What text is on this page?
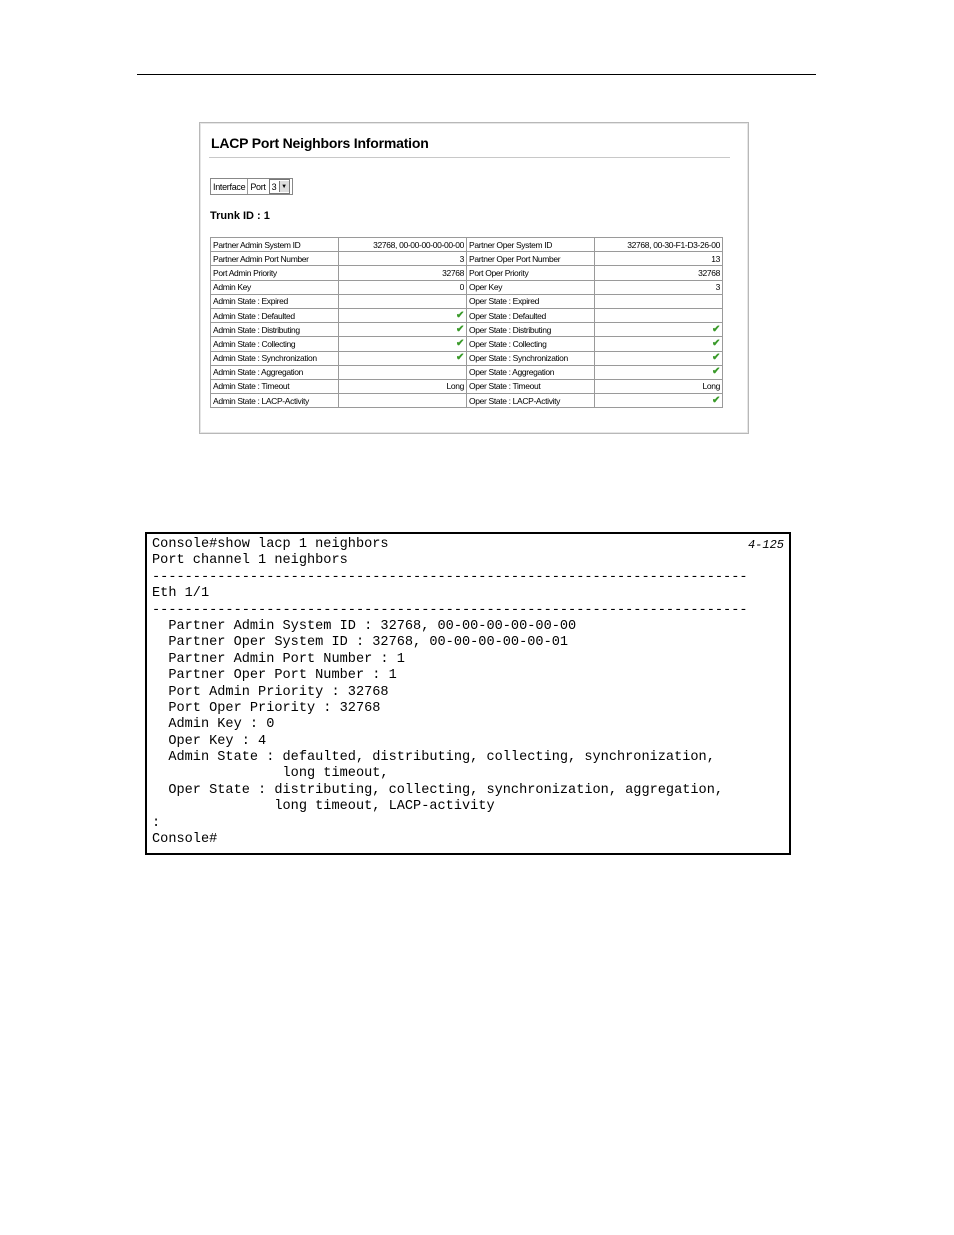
LACP Port Neighbors Information
Interface Port 3 ▼
Trunk ID : 1
Partner Admin System ID	32768, 00-00-00-00-00-00	Partner Oper System ID	32768, 00-30-F1-D3-26-00
Partner Admin Port Number	3	Partner Oper Port Number	13
Port Admin Priority	32768	Port Oper Priority	32768
Admin Key	0	Oper Key	3
Admin State : Expired		Oper State : Expired	
Admin State : Defaulted	✔	Oper State : Defaulted	
Admin State : Distributing	✔	Oper State : Distributing	✔
Admin State : Collecting	✔	Oper State : Collecting	✔
Admin State : Synchronization	✔	Oper State : Synchronization	✔
Admin State : Aggregation		Oper State : Aggregation	✔
Admin State : Timeout	Long	Oper State : Timeout	Long
Admin State : LACP-Activity		Oper State : LACP-Activity	✔
4-125
Console#show lacp 1 neighbors
Port channel 1 neighbors
-------------------------------------------------------------------------
Eth 1/1
-------------------------------------------------------------------------
Partner Admin System ID : 32768, 00-00-00-00-00-00
Partner Oper System ID : 32768, 00-00-00-00-00-01
Partner Admin Port Number : 1
Partner Oper Port Number : 1
Port Admin Priority : 32768
Port Oper Priority : 32768
Admin Key : 0
Oper Key : 4
Admin State : defaulted, distributing, collecting, synchronization,
long timeout,
Oper State : distributing, collecting, synchronization, aggregation,
long timeout, LACP-activity
:
Console#
